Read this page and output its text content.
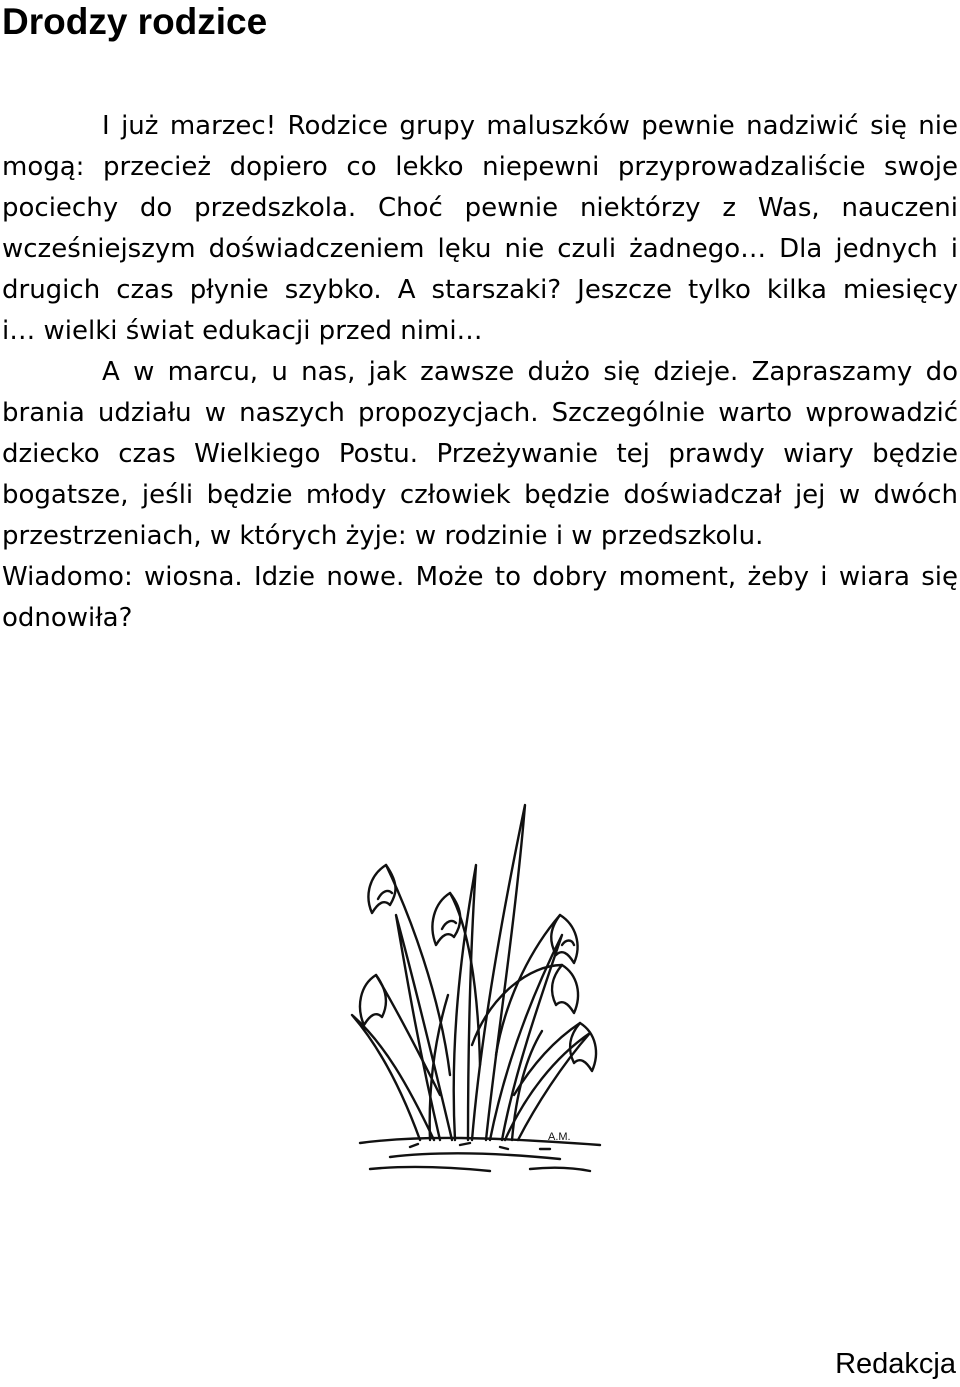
Drodzy rodzice
I już marzec! Rodzice grupy maluszków pewnie nadziwić się nie
mogą: przecież dopiero co lekko niepewni przyprowadzaliście swoje
pociechy do przedszkola. Choć pewnie niektórzy z Was, nauczeni
wcześniejszym doświadczeniem lęku nie czuli żadnego… Dla jednych i
drugich czas płynie szybko. A starszaki? Jeszcze tylko kilka miesięcy
i… wielki świat edukacji przed nimi…
A w marcu, u nas, jak zawsze dużo się dzieje. Zapraszamy do
brania udziału w naszych propozycjach. Szczególnie warto wprowadzić
dziecko czas Wielkiego Postu. Przeżywanie tej prawdy wiary będzie
bogatsze, jeśli będzie młody człowiek będzie doświadczał jej w dwóch
przestrzeniach, w których żyje: w rodzinie i w przedszkolu.
Wiadomo: wiosna. Idzie nowe. Może to dobry moment, żeby i wiara się
odnowiła?
A.M.
Redakcja
